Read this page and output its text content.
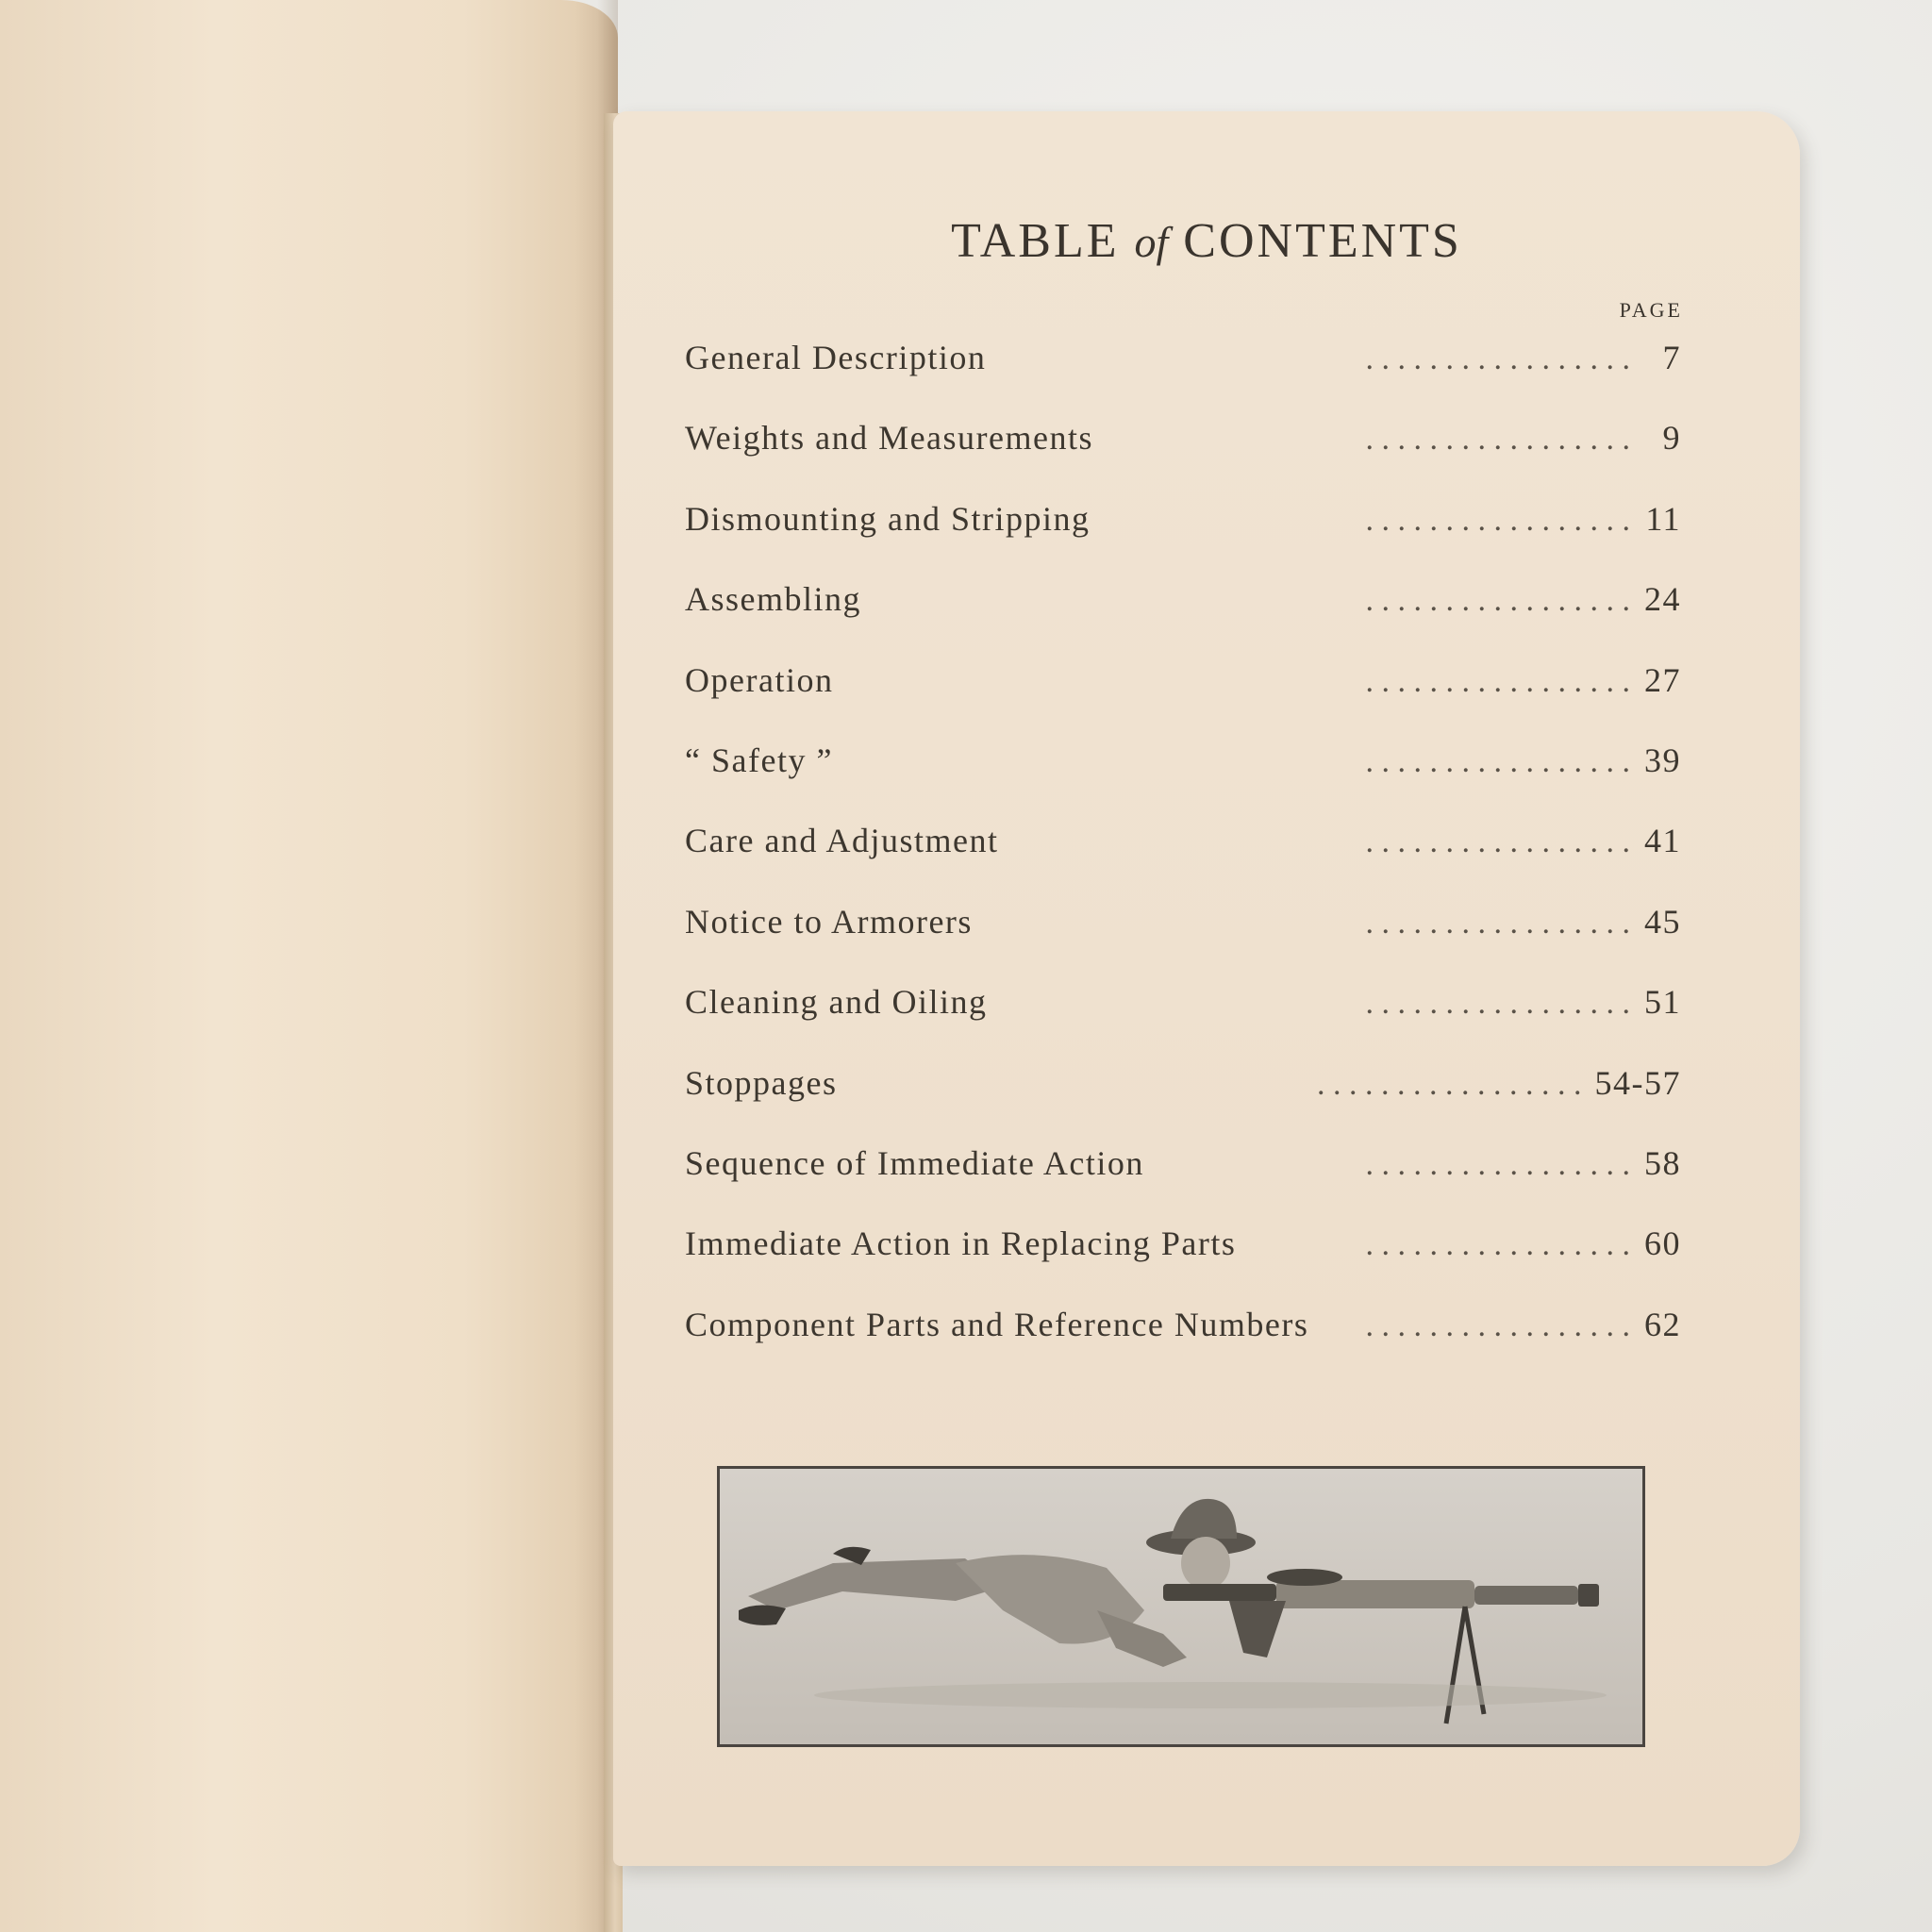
TABLE of CONTENTS
PAGE
General Description	. . . . . . . . . . . . . . . . . 7
Weights and Measurements	. . . . . . . . . . . . . . . . . 9
Dismounting and Stripping	. . . . . . . . . . . . . . . . . 11
Assembling	. . . . . . . . . . . . . . . . . 24
Operation	. . . . . . . . . . . . . . . . . 27
“ Safety ”	. . . . . . . . . . . . . . . . . 39
Care and Adjustment	. . . . . . . . . . . . . . . . . 41
Notice to Armorers	. . . . . . . . . . . . . . . . . 45
Cleaning and Oiling	. . . . . . . . . . . . . . . . . 51
Stoppages	. . . . . . . . . . . . . . . . . 54-57
Sequence of Immediate Action	. . . . . . . . . . . . . . . . . 58
Immediate Action in Replacing Parts	. . . . . . . . . . . . . . . . . 60
Component Parts and Reference Numbers	. . . . . . . . . . . . . . . . . 62
